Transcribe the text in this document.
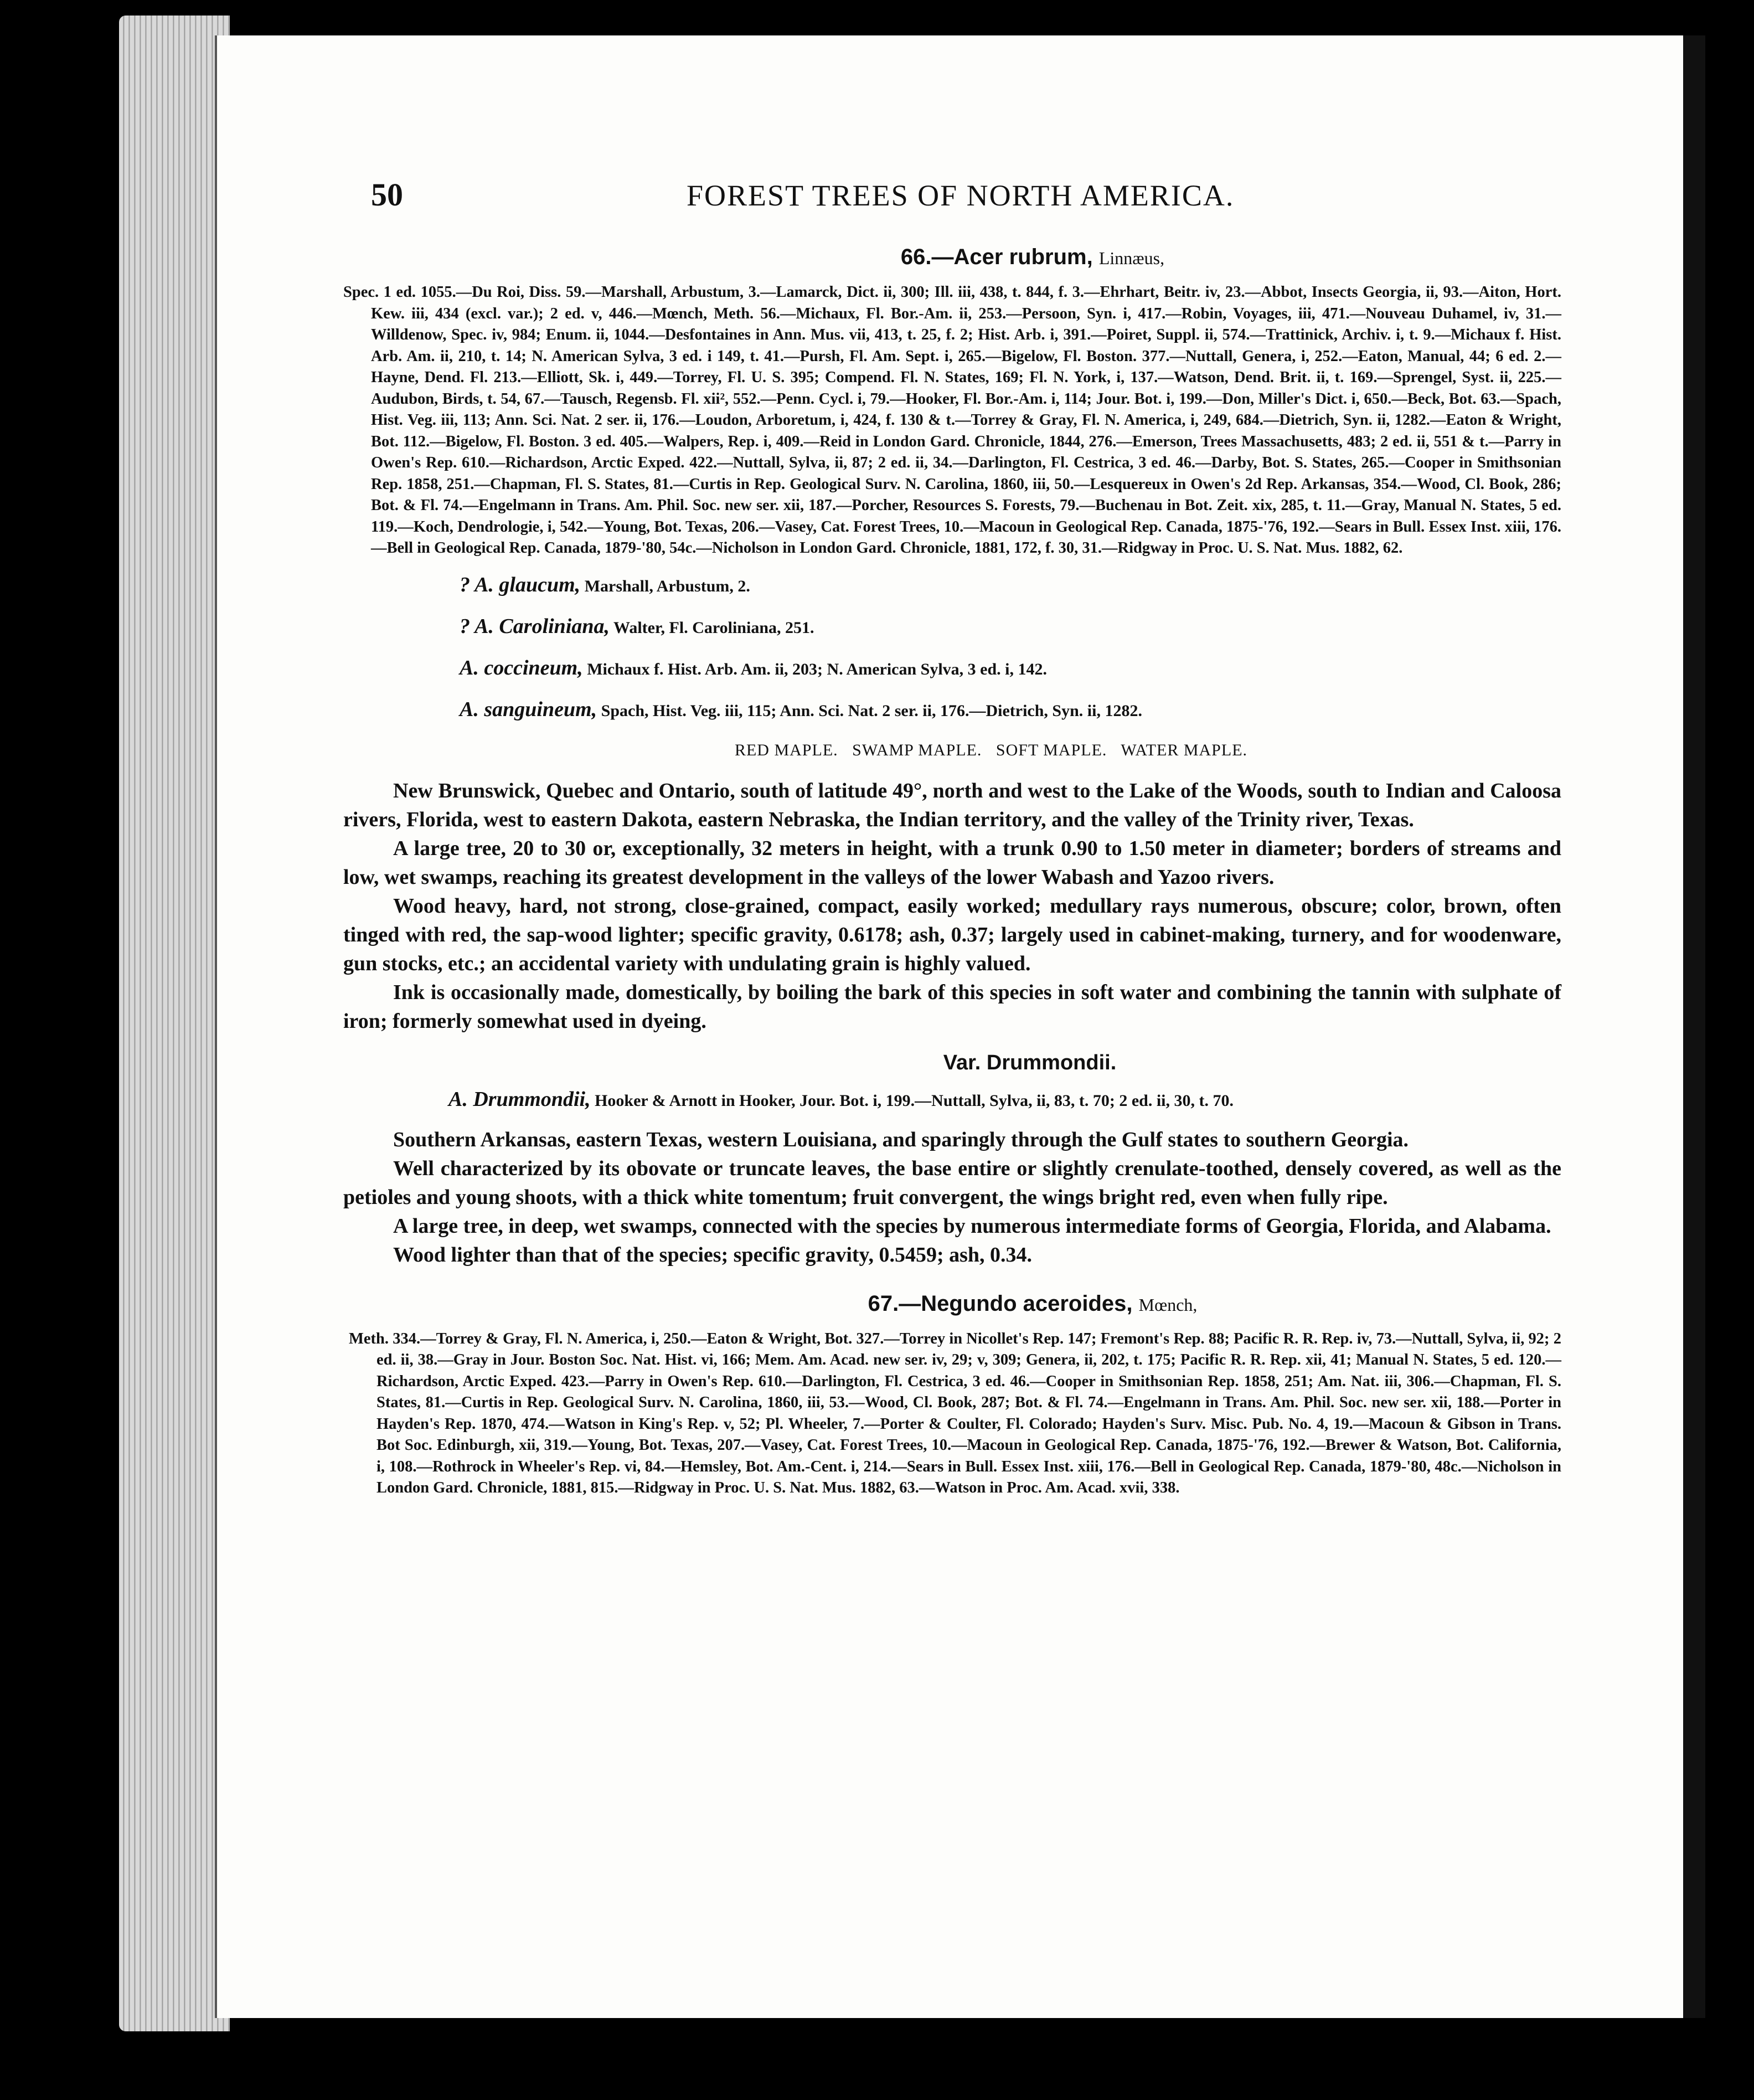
50	FOREST TREES OF NORTH AMERICA.
66.—Acer rubrum, Linnæus,

Spec. 1 ed. 1055.—Du Roi, Diss. 59.—Marshall, Arbustum, 3.—Lamarck, Dict. ii, 300; Ill. iii, 438, t. 844, f. 3.—Ehrhart, Beitr. iv, 23.—Abbot, Insects Georgia, ii, 93.—Aiton, Hort. Kew. iii, 434 (excl. var.); 2 ed. v, 446.—Mœnch, Meth. 56.—Michaux, Fl. Bor.-Am. ii, 253.—Persoon, Syn. i, 417.—Robin, Voyages, iii, 471.—Nouveau Duhamel, iv, 31.—Willdenow, Spec. iv, 984; Enum. ii, 1044.—Desfontaines in Ann. Mus. vii, 413, t. 25, f. 2; Hist. Arb. i, 391.—Poiret, Suppl. ii, 574.—Trattinick, Archiv. i, t. 9.—Michaux f. Hist. Arb. Am. ii, 210, t. 14; N. American Sylva, 3 ed. i 149, t. 41.—Pursh, Fl. Am. Sept. i, 265.—Bigelow, Fl. Boston. 377.—Nuttall, Genera, i, 252.—Eaton, Manual, 44; 6 ed. 2.—Hayne, Dend. Fl. 213.—Elliott, Sk. i, 449.—Torrey, Fl. U. S. 395; Compend. Fl. N. States, 169; Fl. N. York, i, 137.—Watson, Dend. Brit. ii, t. 169.—Sprengel, Syst. ii, 225.—Audubon, Birds, t. 54, 67.—Tausch, Regensb. Fl. xii², 552.—Penn. Cycl. i, 79.—Hooker, Fl. Bor.-Am. i, 114; Jour. Bot. i, 199.—Don, Miller's Dict. i, 650.—Beck, Bot. 63.—Spach, Hist. Veg. iii, 113; Ann. Sci. Nat. 2 ser. ii, 176.—Loudon, Arboretum, i, 424, f. 130 & t.—Torrey & Gray, Fl. N. America, i, 249, 684.—Dietrich, Syn. ii, 1282.—Eaton & Wright, Bot. 112.—Bigelow, Fl. Boston. 3 ed. 405.—Walpers, Rep. i, 409.—Reid in London Gard. Chronicle, 1844, 276.—Emerson, Trees Massachusetts, 483; 2 ed. ii, 551 & t.—Parry in Owen's Rep. 610.—Richardson, Arctic Exped. 422.—Nuttall, Sylva, ii, 87; 2 ed. ii, 34.—Darlington, Fl. Cestrica, 3 ed. 46.—Darby, Bot. S. States, 265.—Cooper in Smithsonian Rep. 1858, 251.—Chapman, Fl. S. States, 81.—Curtis in Rep. Geological Surv. N. Carolina, 1860, iii, 50.—Lesquereux in Owen's 2d Rep. Arkansas, 354.—Wood, Cl. Book, 286; Bot. & Fl. 74.—Engelmann in Trans. Am. Phil. Soc. new ser. xii, 187.—Porcher, Resources S. Forests, 79.—Buchenau in Bot. Zeit. xix, 285, t. 11.—Gray, Manual N. States, 5 ed. 119.—Koch, Dendrologie, i, 542.—Young, Bot. Texas, 206.—Vasey, Cat. Forest Trees, 10.—Macoun in Geological Rep. Canada, 1875-'76, 192.—Sears in Bull. Essex Inst. xiii, 176.—Bell in Geological Rep. Canada, 1879-'80, 54c.—Nicholson in London Gard. Chronicle, 1881, 172, f. 30, 31.—Ridgway in Proc. U. S. Nat. Mus. 1882, 62.

? A. glaucum, Marshall, Arbustum, 2.
? A. Caroliniana, Walter, Fl. Caroliniana, 251.
A. coccineum, Michaux f. Hist. Arb. Am. ii, 203; N. American Sylva, 3 ed. i, 142.
A. sanguineum, Spach, Hist. Veg. iii, 115; Ann. Sci. Nat. 2 ser. ii, 176.—Dietrich, Syn. ii, 1282.
RED MAPLE.   SWAMP MAPLE.   SOFT MAPLE.   WATER MAPLE.

New Brunswick, Quebec and Ontario, south of latitude 49°, north and west to the Lake of the Woods, south to Indian and Caloosa rivers, Florida, west to eastern Dakota, eastern Nebraska, the Indian territory, and the valley of the Trinity river, Texas.

A large tree, 20 to 30 or, exceptionally, 32 meters in height, with a trunk 0.90 to 1.50 meter in diameter; borders of streams and low, wet swamps, reaching its greatest development in the valleys of the lower Wabash and Yazoo rivers.

Wood heavy, hard, not strong, close-grained, compact, easily worked; medullary rays numerous, obscure; color, brown, often tinged with red, the sap-wood lighter; specific gravity, 0.6178; ash, 0.37; largely used in cabinet-making, turnery, and for woodenware, gun stocks, etc.; an accidental variety with undulating grain is highly valued.

Ink is occasionally made, domestically, by boiling the bark of this species in soft water and combining the tannin with sulphate of iron; formerly somewhat used in dyeing.

Var. Drummondii.
A. Drummondii, Hooker & Arnott in Hooker, Jour. Bot. i, 199.—Nuttall, Sylva, ii, 83, t. 70; 2 ed. ii, 30, t. 70.

Southern Arkansas, eastern Texas, western Louisiana, and sparingly through the Gulf states to southern Georgia.

Well characterized by its obovate or truncate leaves, the base entire or slightly crenulate-toothed, densely covered, as well as the petioles and young shoots, with a thick white tomentum; fruit convergent, the wings bright red, even when fully ripe.

A large tree, in deep, wet swamps, connected with the species by numerous intermediate forms of Georgia, Florida, and Alabama.

Wood lighter than that of the species; specific gravity, 0.5459; ash, 0.34.

67.—Negundo aceroides, Mœnch,

Meth. 334.—Torrey & Gray, Fl. N. America, i, 250.—Eaton & Wright, Bot. 327.—Torrey in Nicollet's Rep. 147; Fremont's Rep. 88; Pacific R. R. Rep. iv, 73.—Nuttall, Sylva, ii, 92; 2 ed. ii, 38.—Gray in Jour. Boston Soc. Nat. Hist. vi, 166; Mem. Am. Acad. new ser. iv, 29; v, 309; Genera, ii, 202, t. 175; Pacific R. R. Rep. xii, 41; Manual N. States, 5 ed. 120.—Richardson, Arctic Exped. 423.—Parry in Owen's Rep. 610.—Darlington, Fl. Cestrica, 3 ed. 46.—Cooper in Smithsonian Rep. 1858, 251; Am. Nat. iii, 306.—Chapman, Fl. S. States, 81.—Curtis in Rep. Geological Surv. N. Carolina, 1860, iii, 53.—Wood, Cl. Book, 287; Bot. & Fl. 74.—Engelmann in Trans. Am. Phil. Soc. new ser. xii, 188.—Porter in Hayden's Rep. 1870, 474.—Watson in King's Rep. v, 52; Pl. Wheeler, 7.—Porter & Coulter, Fl. Colorado; Hayden's Surv. Misc. Pub. No. 4, 19.—Macoun & Gibson in Trans. Bot Soc. Edinburgh, xii, 319.—Young, Bot. Texas, 207.—Vasey, Cat. Forest Trees, 10.—Macoun in Geological Rep. Canada, 1875-'76, 192.—Brewer & Watson, Bot. California, i, 108.—Rothrock in Wheeler's Rep. vi, 84.—Hemsley, Bot. Am.-Cent. i, 214.—Sears in Bull. Essex Inst. xiii, 176.—Bell in Geological Rep. Canada, 1879-'80, 48c.—Nicholson in London Gard. Chronicle, 1881, 815.—Ridgway in Proc. U. S. Nat. Mus. 1882, 63.—Watson in Proc. Am. Acad. xvii, 338.
